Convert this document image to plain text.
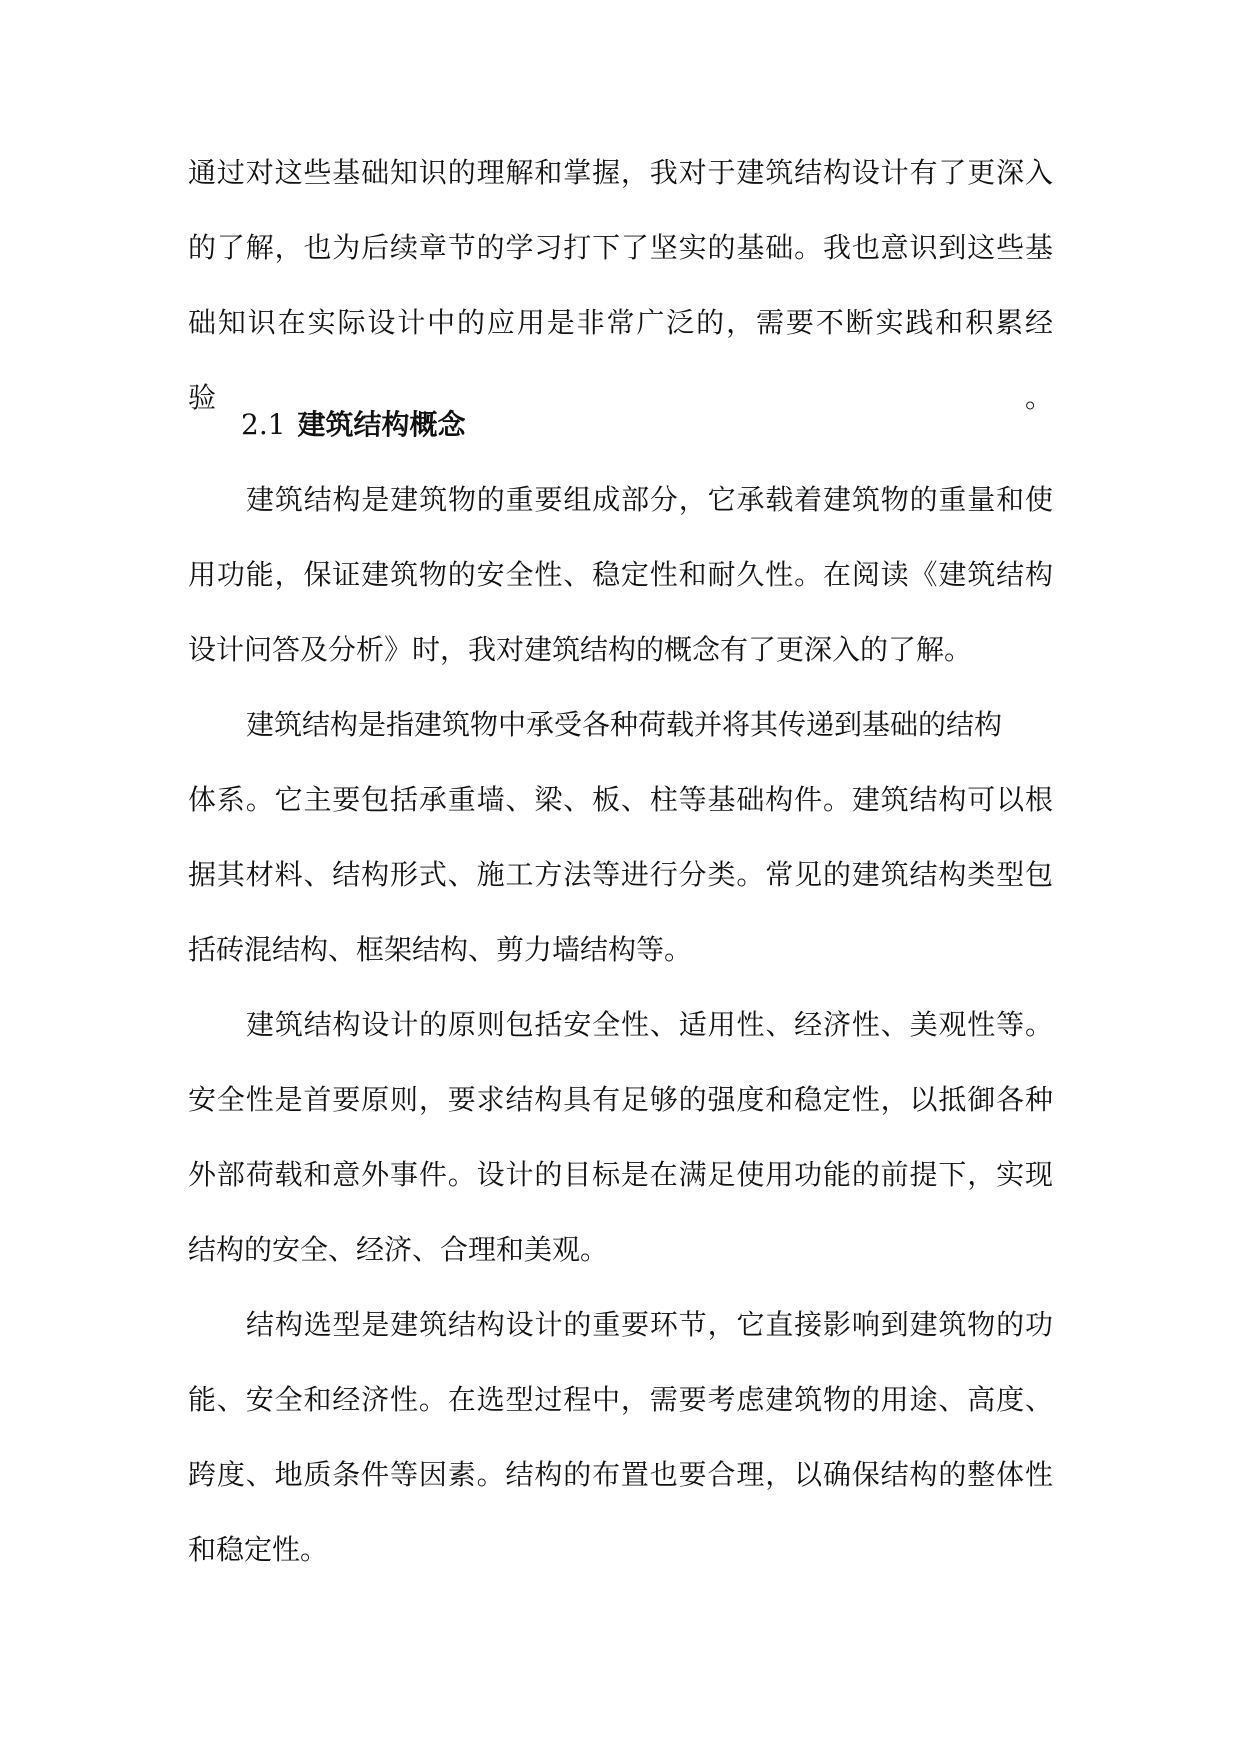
通过对这些基础知识的理解和掌握，我对于建筑结构设计有了更深入
的了解，也为后续章节的学习打下了坚实的基础。我也意识到这些基
础知识在实际设计中的应用是非常广泛的，需要不断实践和积累经验。
2.1 建筑结构概念
建筑结构是建筑物的重要组成部分，它承载着建筑物的重量和使
用功能，保证建筑物的安全性、稳定性和耐久性。在阅读《建筑结构
设计问答及分析》时，我对建筑结构的概念有了更深入的了解。
建筑结构是指建筑物中承受各种荷载并将其传递到基础的结构
体系。它主要包括承重墙、梁、板、柱等基础构件。建筑结构可以根
据其材料、结构形式、施工方法等进行分类。常见的建筑结构类型包
括砖混结构、框架结构、剪力墙结构等。
建筑结构设计的原则包括安全性、适用性、经济性、美观性等。
安全性是首要原则，要求结构具有足够的强度和稳定性，以抵御各种
外部荷载和意外事件。设计的目标是在满足使用功能的前提下，实现
结构的安全、经济、合理和美观。
结构选型是建筑结构设计的重要环节，它直接影响到建筑物的功
能、安全和经济性。在选型过程中，需要考虑建筑物的用途、高度、
跨度、地质条件等因素。结构的布置也要合理，以确保结构的整体性
和稳定性。
